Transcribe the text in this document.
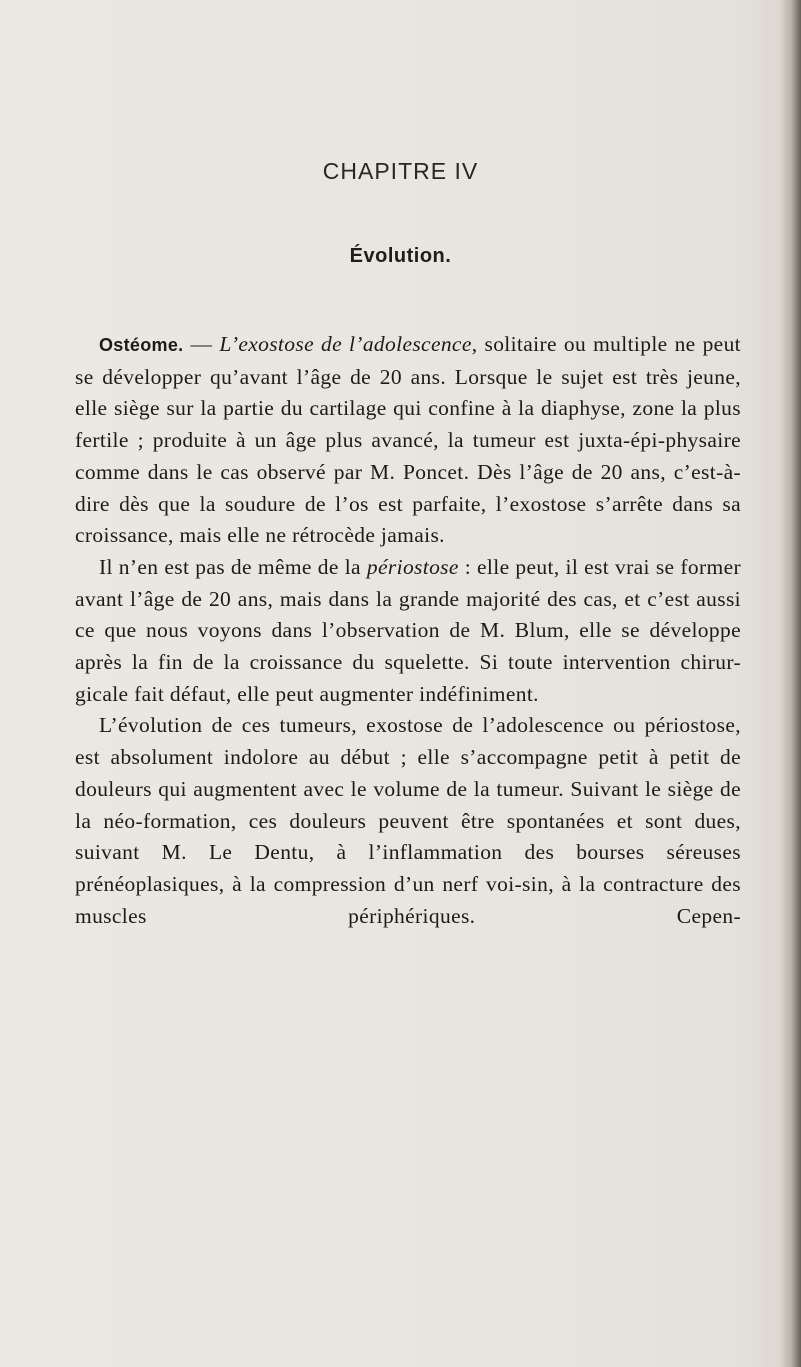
CHAPITRE IV
Évolution.

Ostéome. — L’exostose de l’adolescence, solitaire ou multiple ne peut se développer qu’avant l’âge de 20 ans. Lorsque le sujet est très jeune, elle siège sur la partie du cartilage qui confine à la diaphyse, zone la plus fertile ; produite à un âge plus avancé, la tumeur est juxta-épi-physaire comme dans le cas observé par M. Poncet. Dès l’âge de 20 ans, c’est-à-dire dès que la soudure de l’os est parfaite, l’exostose s’arrête dans sa croissance, mais elle ne rétrocède jamais.

Il n’en est pas de même de la périostose : elle peut, il est vrai se former avant l’âge de 20 ans, mais dans la grande majorité des cas, et c’est aussi ce que nous voyons dans l’observation de M. Blum, elle se développe après la fin de la croissance du squelette. Si toute intervention chirur-gicale fait défaut, elle peut augmenter indéfiniment.

L’évolution de ces tumeurs, exostose de l’adolescence ou périostose, est absolument indolore au début ; elle s’accompagne petit à petit de douleurs qui augmentent avec le volume de la tumeur. Suivant le siège de la néo-formation, ces douleurs peuvent être spontanées et sont dues, suivant M. Le Dentu, à l’inflammation des bourses séreuses prénéoplasiques, à la compression d’un nerf voi-sin, à la contracture des muscles périphériques. Cepen-
